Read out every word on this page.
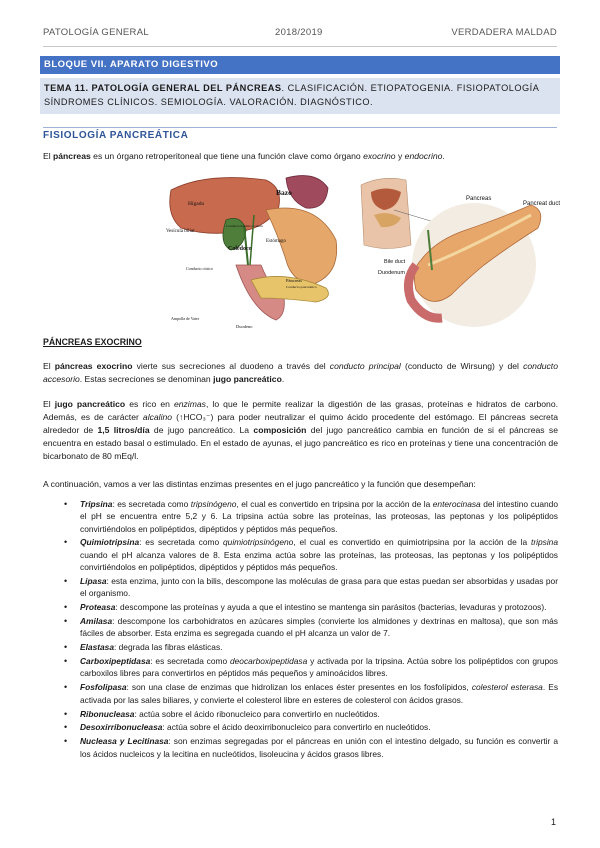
PATOLOGÍA GENERAL	2018/2019	VERDADERA MALDAD
BLOQUE VII. APARATO DIGESTIVO
TEMA 11. PATOLOGÍA GENERAL DEL PÁNCREAS. CLASIFICACIÓN. ETIOPATOGENIA. FISIOPATOLOGÍA SÍNDROMES CLÍNICOS. SEMIOLOGÍA. VALORACIÓN. DIAGNÓSTICO.
FISIOLOGÍA PANCREÁTICA
El páncreas es un órgano retroperitoneal que tiene una función clave como órgano exocrino y endocrino.
Bazo
Hígado
Vesícula biliar
Conducto hepático común
Colédoco
Estómago
Conducto cístico
Páncreas
Conducto pancreático
Ampolla de Vater
Duodeno
Pancreas
Pancreat duct
Bile duct
Duodenum
PÁNCREAS EXOCRINO
El páncreas exocrino vierte sus secreciones al duodeno a través del conducto principal (conducto de Wirsung) y del conducto accesorio. Estas secreciones se denominan jugo pancreático.
El jugo pancreático es rico en enzimas, lo que le permite realizar la digestión de las grasas, proteínas e hidratos de carbono. Además, es de carácter alcalino (↑HCO₃⁻) para poder neutralizar el quimo ácido procedente del estómago. El páncreas secreta alrededor de 1,5 litros/día de jugo pancreático. La composición del jugo pancreático cambia en función de si el páncreas se encuentra en estado basal o estimulado. En el estado de ayunas, el jugo pancreático es rico en proteínas y tiene una concentración de bicarbonato de 80 mEq/l.
A continuación, vamos a ver las distintas enzimas presentes en el jugo pancreático y la función que desempeñan:
• Tripsina: es secretada como tripsinógeno, el cual es convertido en tripsina por la acción de la enterocinasa del intestino cuando el pH se encuentra entre 5,2 y 6. La tripsina actúa sobre las proteínas, las proteosas, las peptonas y los polipéptidos convirtiéndolos en polipéptidos, dipéptidos y péptidos más pequeños.
• Quimiotripsina: es secretada como quimiotripsinógeno, el cual es convertido en quimiotripsina por la acción de la tripsina cuando el pH alcanza valores de 8. Esta enzima actúa sobre las proteínas, las proteosas, las peptonas y los polipéptidos convirtiéndolos en polipéptidos, dipéptidos y péptidos más pequeños.
• Lipasa: esta enzima, junto con la bilis, descompone las moléculas de grasa para que estas puedan ser absorbidas y usadas por el organismo.
• Proteasa: descompone las proteínas y ayuda a que el intestino se mantenga sin parásitos (bacterias, levaduras y protozoos).
• Amilasa: descompone los carbohidratos en azúcares simples (convierte los almidones y dextrinas en maltosa), que son más fáciles de absorber. Esta enzima es segregada cuando el pH alcanza un valor de 7.
• Elastasa: degrada las fibras elásticas.
• Carboxipeptidasa: es secretada como deocarboxipeptidasa y activada por la tripsina. Actúa sobre los polipéptidos con grupos carboxilos libres para convertirlos en péptidos más pequeños y aminoácidos libres.
• Fosfolipasa: son una clase de enzimas que hidrolizan los enlaces éster presentes en los fosfolípidos, colesterol esterasa. Es activada por las sales biliares, y convierte el colesterol libre en esteres de colesterol con ácidos grasos.
• Ribonucleasa: actúa sobre el ácido ribonucleico para convertirlo en nucleótidos.
• Desoxirribonucleasa: actúa sobre el ácido deoxirribonucleico para convertirlo en nucleótidos.
• Nucleasa y Lecitinasa: son enzimas segregadas por el páncreas en unión con el intestino delgado, su función es convertir a los ácidos nucleicos y la lecitina en nucleótidos, lisoleucina y ácidos grasos libres.
1
